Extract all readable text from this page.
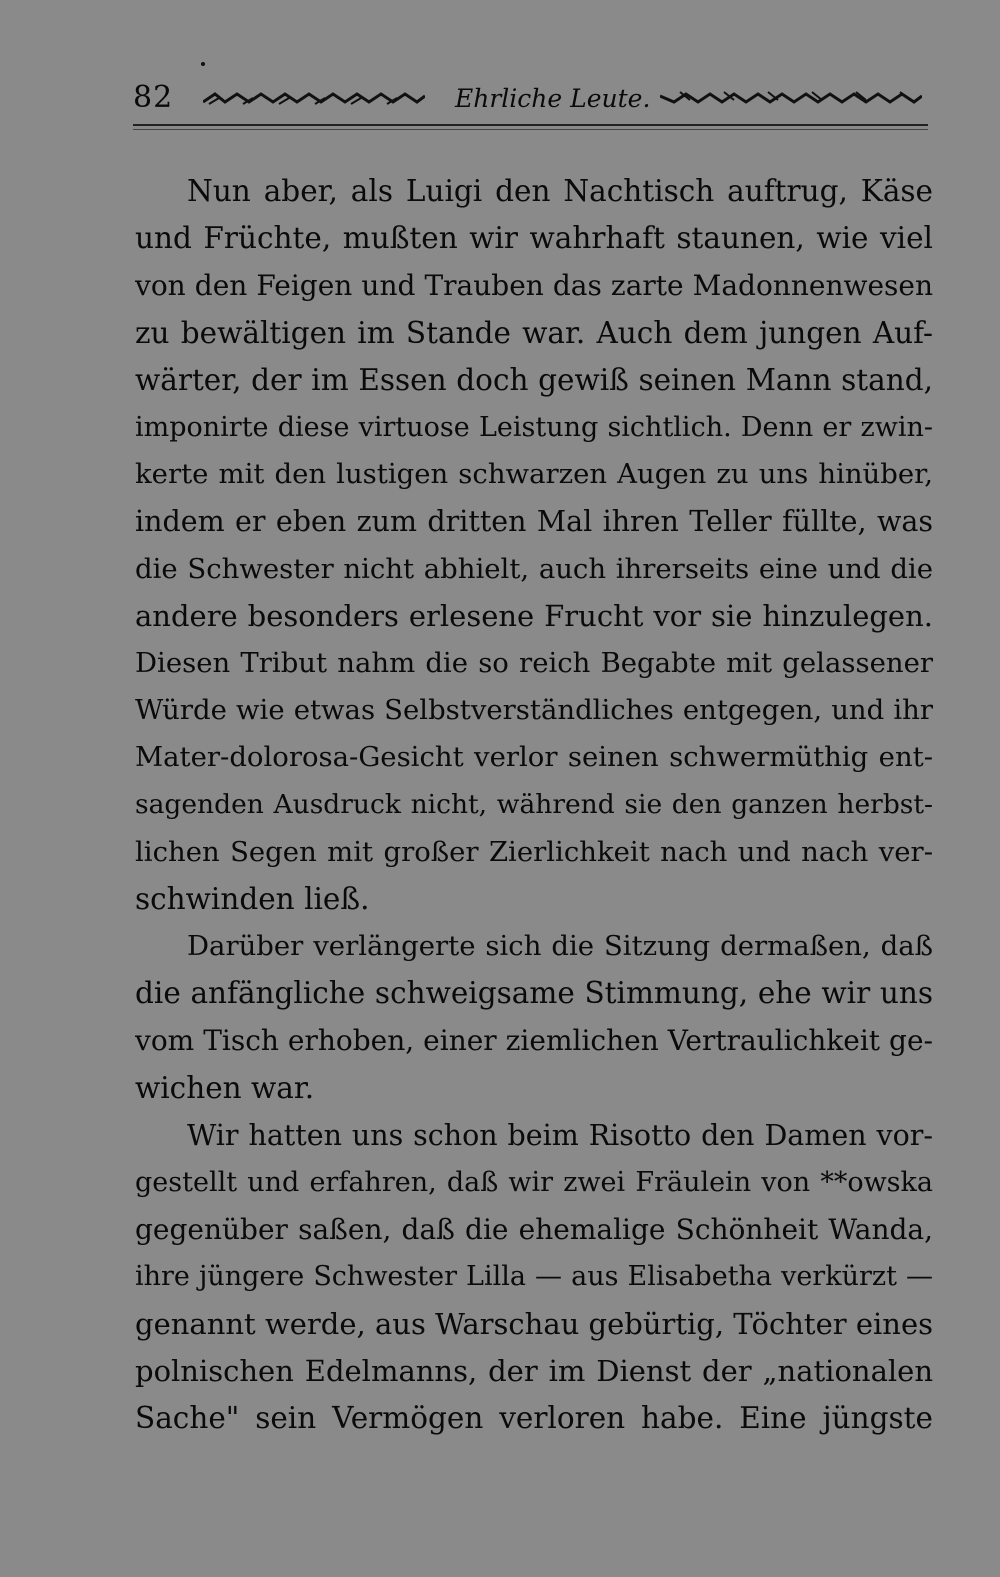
82	Ehrliche Leute.
Nun aber, als Luigi den Nachtisch auftrug, Käse
und Früchte, mußten wir wahrhaft staunen, wie viel
von den Feigen und Trauben das zarte Madonnenwesen
zu bewältigen im Stande war. Auch dem jungen Auf-
wärter, der im Essen doch gewiß seinen Mann stand,
imponirte diese virtuose Leistung sichtlich. Denn er zwin-
kerte mit den lustigen schwarzen Augen zu uns hinüber,
indem er eben zum dritten Mal ihren Teller füllte, was
die Schwester nicht abhielt, auch ihrerseits eine und die
andere besonders erlesene Frucht vor sie hinzulegen.
Diesen Tribut nahm die so reich Begabte mit gelassener
Würde wie etwas Selbstverständliches entgegen, und ihr
Mater-dolorosa-Gesicht verlor seinen schwermüthig ent-
sagenden Ausdruck nicht, während sie den ganzen herbst-
lichen Segen mit großer Zierlichkeit nach und nach ver-
schwinden ließ.
Darüber verlängerte sich die Sitzung dermaßen, daß
die anfängliche schweigsame Stimmung, ehe wir uns
vom Tisch erhoben, einer ziemlichen Vertraulichkeit ge-
wichen war.
Wir hatten uns schon beim Risotto den Damen vor-
gestellt und erfahren, daß wir zwei Fräulein von **owska
gegenüber saßen, daß die ehemalige Schönheit Wanda,
ihre jüngere Schwester Lilla — aus Elisabetha verkürzt —
genannt werde, aus Warschau gebürtig, Töchter eines
polnischen Edelmanns, der im Dienst der „nationalen
Sache" sein Vermögen verloren habe. Eine jüngste
